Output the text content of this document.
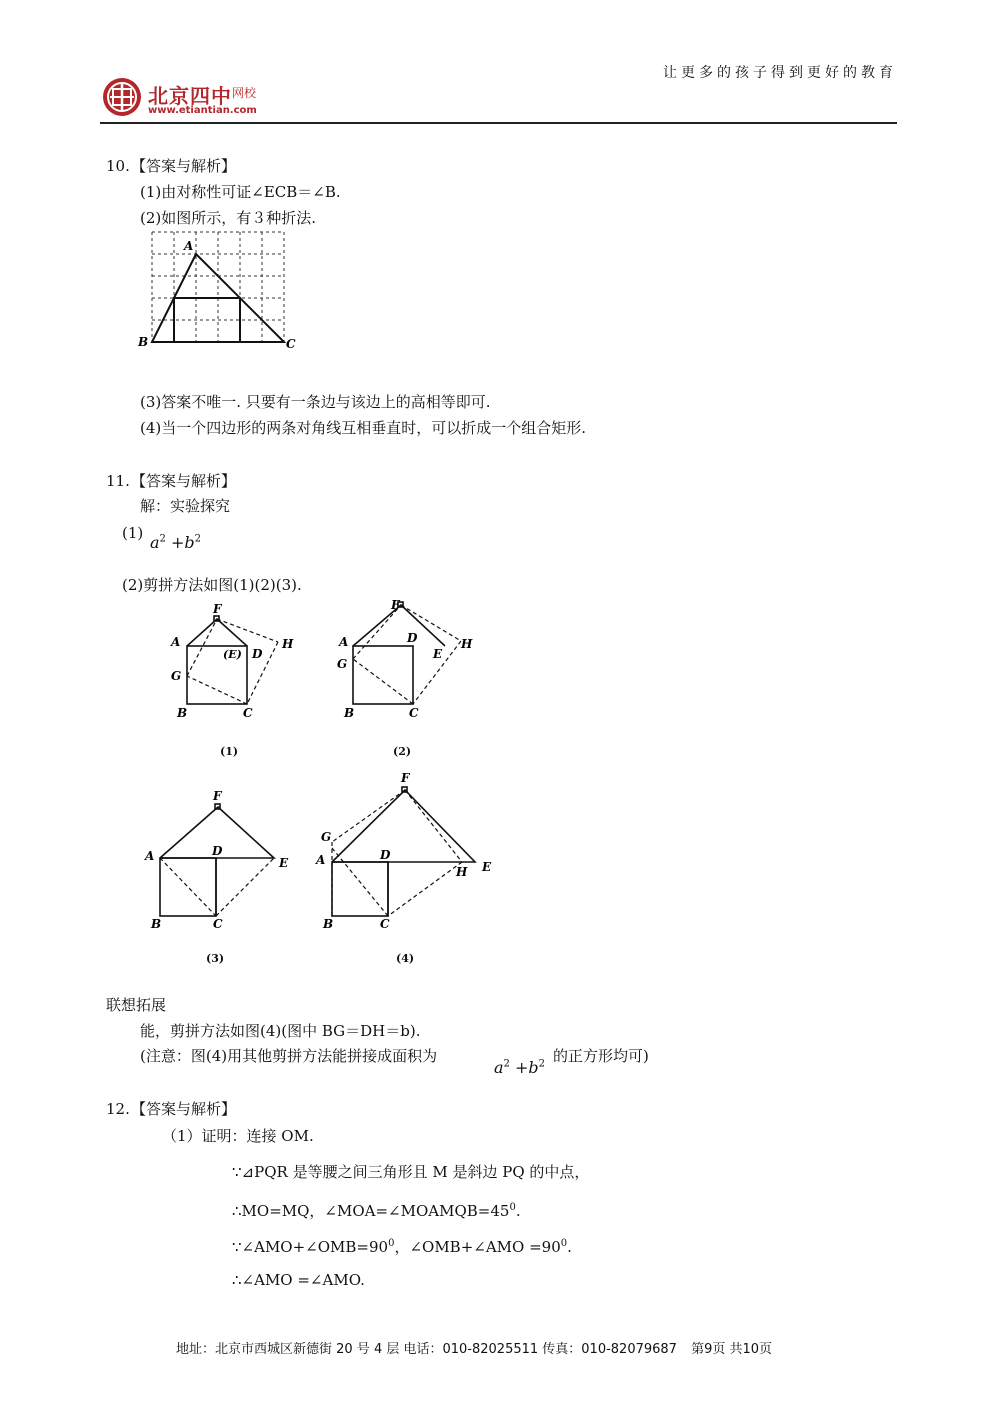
北京四中 网校
www.etiantian.com
让更多的孩子得到更好的教育
10. 【答案与解析】
(1)由对称性可证∠ECB＝∠B.
(2)如图所示，有３种折法.
A
B	C
(3)答案不唯一. 只要有一条边与该边上的高相等即可.
(4)当一个四边形的两条对角线互相垂直时，可以折成一个组合矩形.
11. 【答案与解析】
解：实验探究
(1) $a^2 +b^2$
(2)剪拼方法如图(1)(2)(3).
F
A
(E) D
H
G
B	C
(1)
F
A	D
E
H
G
B	C
(2)
F
A	D
E
B	C
(3)
F
G
A	D
H E
B	C
(4)
联想拓展
能，剪拼方法如图(4)(图中 BG＝DH＝b).
(注意：图(4)用其他剪拼方法能拼接成面积为
$a^2 +b^2$ 的正方形均可)
12. 【答案与解析】
（1）证明：连接 OM.
∵⊿PQR 是等腰之间三角形且 M 是斜边 PQ 的中点，
∴MO=MQ，$\angle MOA=\angle MOAMQB=45^0$.
$\because\angle AMO+\angle OMB=90^0$，∠OMB+∠AMO $=90^0$.
∴∠AMO =∠AMO.
地址：北京市西城区新德街 20 号 4 层 电话：010-82025511 传真：010-82079687 第9页 共10页
